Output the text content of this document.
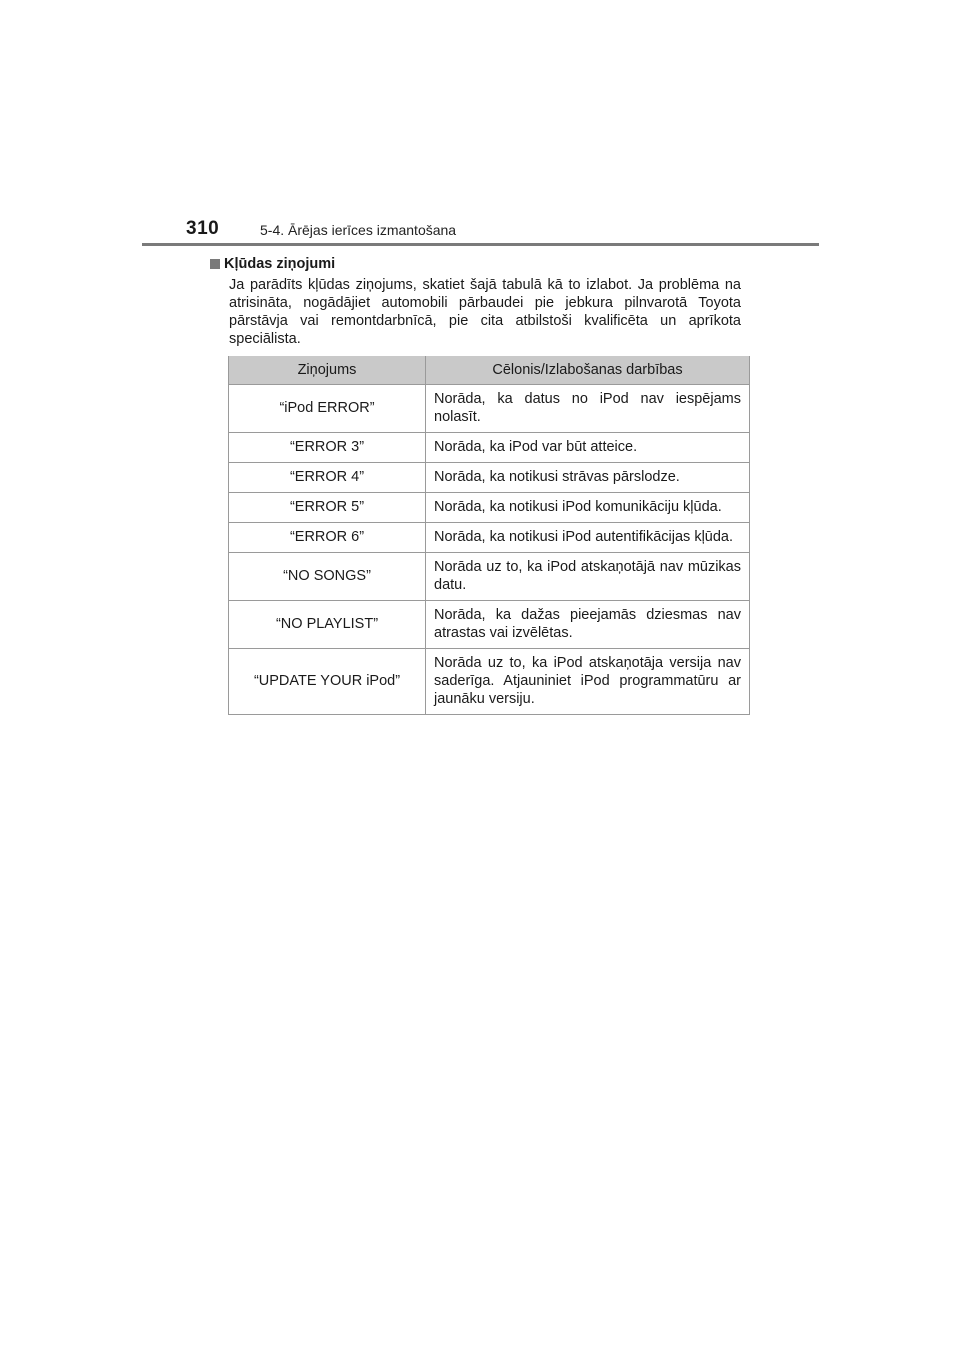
310	5-4. Ārējas ierīces izmantošana
Kļūdas ziņojumi
Ja parādīts kļūdas ziņojums, skatiet šajā tabulā kā to izlabot. Ja problēma na atrisināta, nogādājiet automobili pārbaudei pie jebkura pilnvarotā Toyota pārstāvja vai remontdarbnīcā, pie cita atbilstoši kvalificēta un aprīkota speciālista.
Ziņojums	Cēlonis/Izlabošanas darbības
“iPod ERROR”	Norāda, ka datus no iPod nav iespējams nolasīt.
“ERROR 3”	Norāda, ka iPod var būt atteice.
“ERROR 4”	Norāda, ka notikusi strāvas pārslodze.
“ERROR 5”	Norāda, ka notikusi iPod komunikāciju kļūda.
“ERROR 6”	Norāda, ka notikusi iPod autentifikācijas kļūda.
“NO SONGS”	Norāda uz to, ka iPod atskaņotājā nav mūzikas datu.
“NO PLAYLIST”	Norāda, ka dažas pieejamās dziesmas nav atrastas vai izvēlētas.
“UPDATE YOUR iPod”	Norāda uz to, ka iPod atskaņotāja versija nav saderīga. Atjauniniet iPod programmatūru ar jaunāku versiju.
